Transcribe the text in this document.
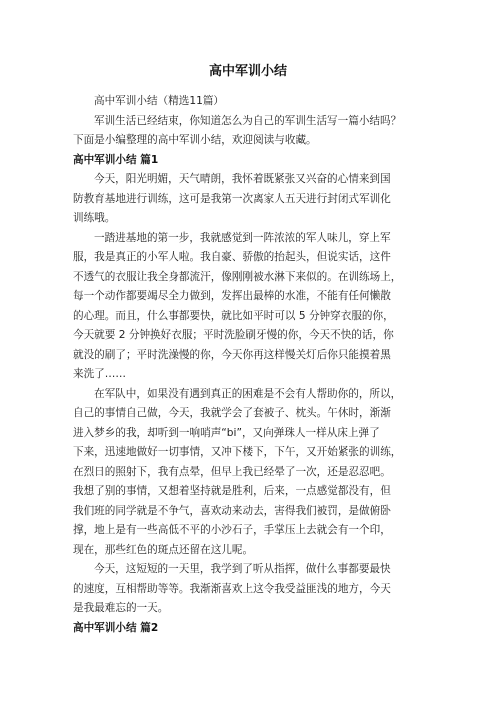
高中军训小结

高中军训小结（精选11篇）

军训生活已经结束，你知道怎么为自己的军训生活写一篇小结吗？

下面是小编整理的高中军训小结，欢迎阅读与收藏。

高中军训小结 篇1

今天，阳光明媚，天气晴朗，我怀着既紧张又兴奋的心情来到国

防教育基地进行训练，这可是我第一次离家人五天进行封闭式军训化

训练哦。

一踏进基地的第一步，我就感觉到一阵浓浓的军人味儿，穿上军

服，我是真正的小军人啦。我自豪、骄傲的抬起头，但说实话，这件

不透气的衣服让我全身都流汗，像刚刚被水淋下来似的。在训练场上，

每一个动作都要竭尽全力做到，发挥出最棒的水准，不能有任何懒散

的心理。而且，什么事都要快，就比如平时可以 5 分钟穿衣服的你，

今天就要 2 分钟换好衣服；平时洗脸刷牙慢的你，今天不快的话，你

就没的刷了；平时洗澡慢的你，今天你再这样慢关灯后你只能摸着黑

来洗了……

在军队中，如果没有遇到真正的困难是不会有人帮助你的，所以，

自己的事情自己做，今天，我就学会了套被子、枕头。午休时，渐渐

进入梦乡的我，却听到一响哨声“bi”，又向弹珠人一样从床上弹了

下来，迅速地做好一切事情，又冲下楼下，下午，又开始紧张的训练，

在烈日的照射下，我有点晕，但早上我已经晕了一次，还是忍忍吧。

我想了别的事情，又想着坚持就是胜利，后来，一点感觉都没有，但

我们班的同学就是不争气，喜欢动来动去，害得我们被罚，是做俯卧

撑，地上是有一些高低不平的小沙石子，手掌压上去就会有一个印，

现在，那些红色的斑点还留在这儿呢。

今天，这短短的一天里，我学到了听从指挥，做什么事都要最快

的速度，互相帮助等等。我渐渐喜欢上这令我受益匪浅的地方，今天

是我最难忘的一天。

高中军训小结 篇2
